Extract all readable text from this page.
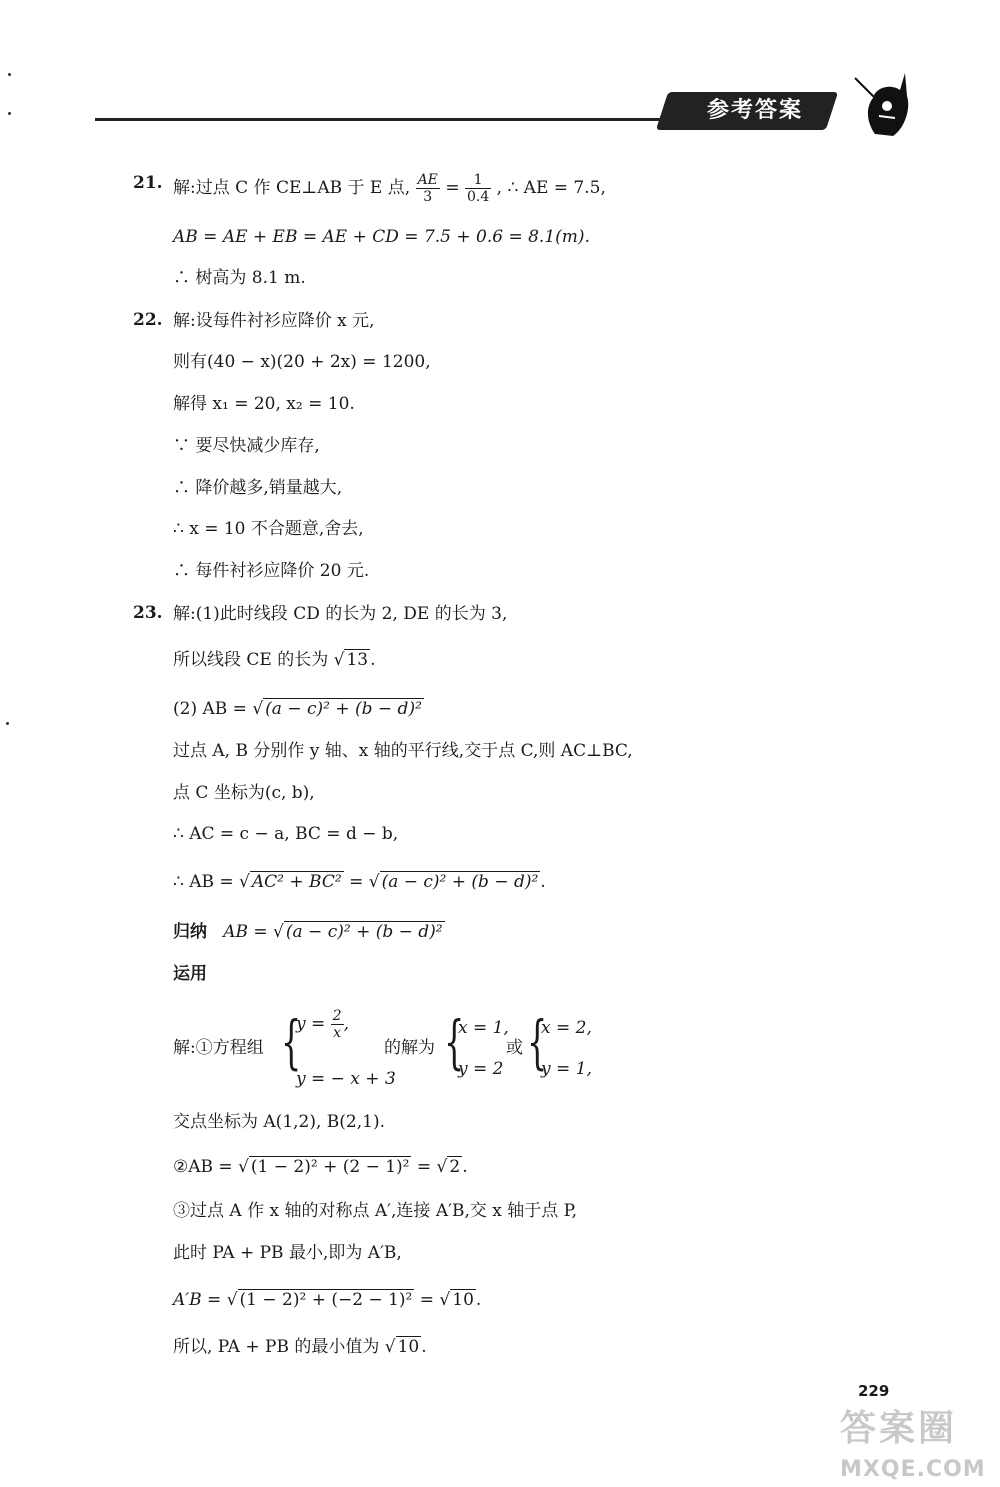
参考答案
21. 解:过点 C 作 CE⊥AB 于 E 点, $\frac{AE}{3} = \frac{1}{0.4}$ , ∴ AE = 7.5,
AB = AE + EB = AE + CD = 7.5 + 0.6 = 8.1(m).
∴ 树高为 8.1 m.
22. 解:设每件衬衫应降价 x 元,
则有(40 − x)(20 + 2x) = 1200,
解得 x₁ = 20, x₂ = 10.
∵ 要尽快减少库存,
∴ 降价越多,销量越大,
∴ x = 10 不合题意,舍去,
∴ 每件衬衫应降价 20 元.
23. 解:(1)此时线段 CD 的长为 2, DE 的长为 3,
所以线段 CE 的长为 √ 13 .
(2) AB = √ (a − c)² + (b − d)²
过点 A, B 分别作 y 轴、x 轴的平行线,交于点 C,则 AC⊥BC,
点 C 坐标为(c, b),
∴ AC = c − a, BC = d − b,
∴ AB = √ AC² + BC² = √ (a − c)² + (b − d)² .
归纳 AB = √ (a − c)² + (b − d)²
运用
解:①方程组 {
$y = \frac{2}{x}$ ,
y = − x + 3
的解为 {
x = 1,
y = 2
或 {
x = 2,
y = 1,
交点坐标为 A(1,2), B(2,1).
②AB = √ (1 − 2)² + (2 − 1)² = √ 2 .
③过点 A 作 x 轴的对称点 A′,连接 A′B,交 x 轴于点 P,
此时 PA + PB 最小,即为 A′B,
A′B = √ (1 − 2)² + (−2 − 1)² = √ 10 .
所以, PA + PB 的最小值为 √ 10 .
229
答案圈
MXQE.COM
